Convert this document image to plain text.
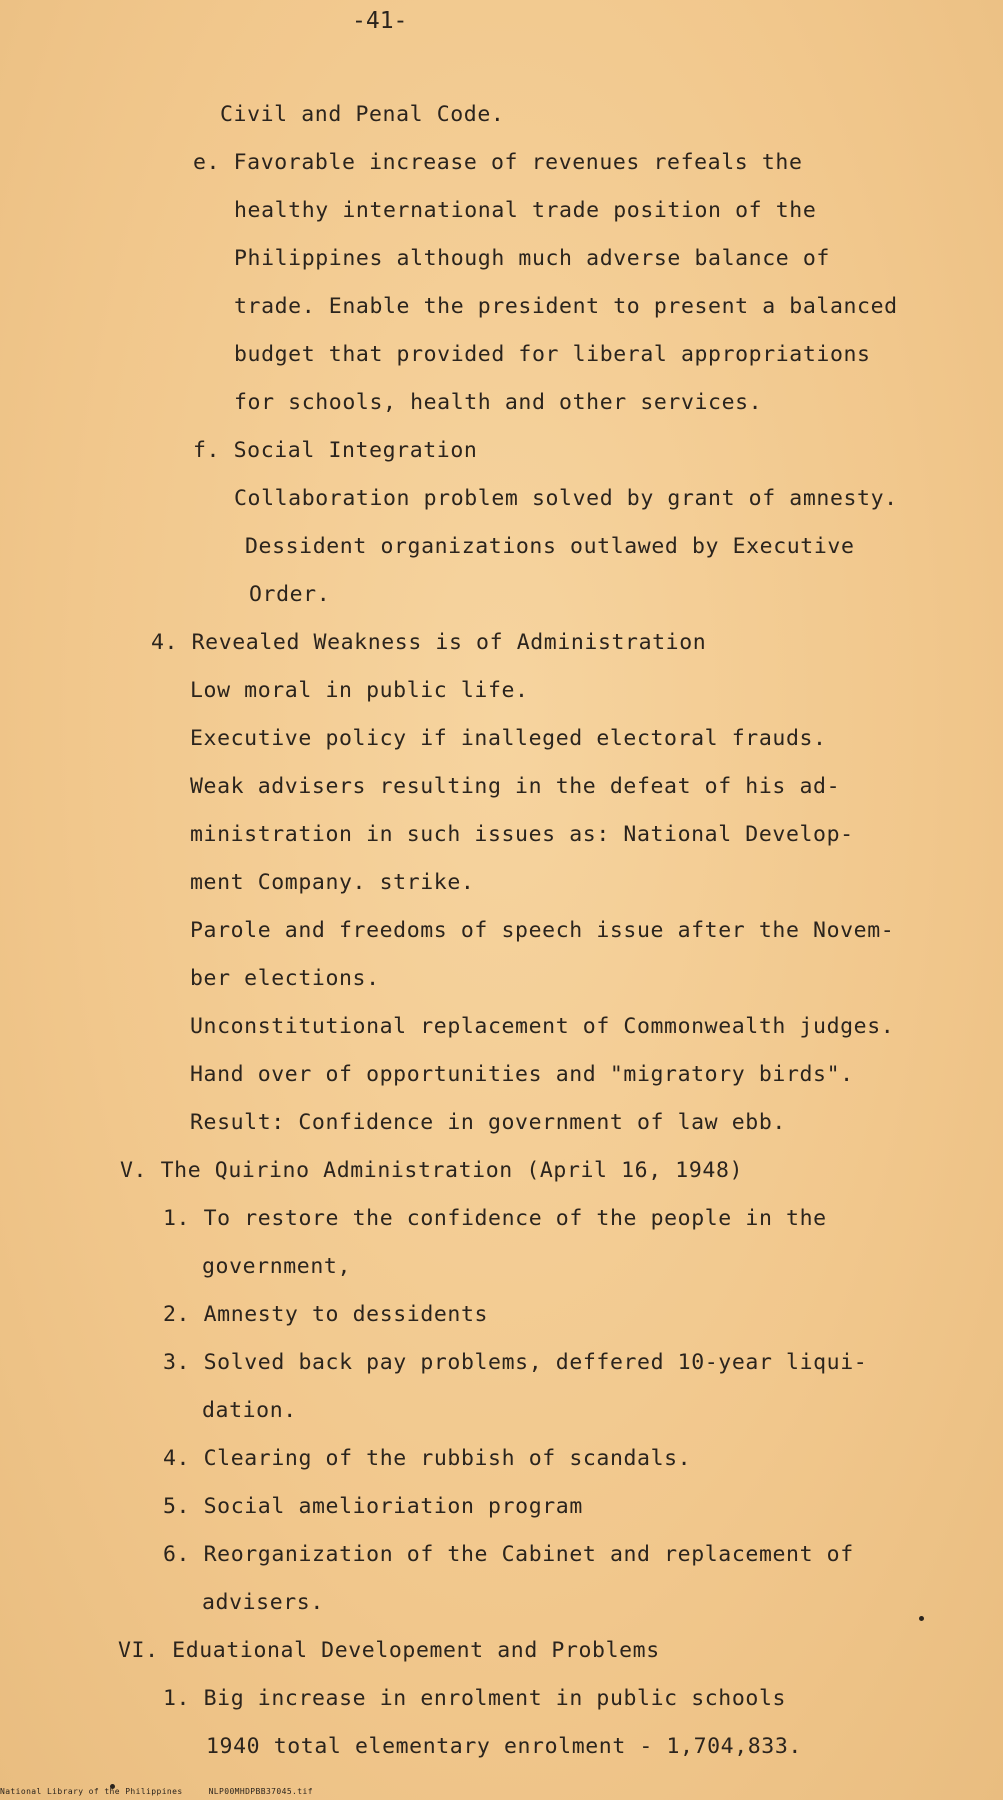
-41-
Civil and Penal Code.
e. Favorable increase of revenues refeals the
healthy international trade position of the
Philippines although much adverse balance of
trade. Enable the president to present a balanced
budget that provided for liberal appropriations
for schools, health and other services.
f. Social Integration
Collaboration problem solved by grant of amnesty.
Dessident organizations outlawed by Executive
Order.
4. Revealed Weakness is of Administration
Low moral in public life.
Executive policy if inalleged electoral frauds.
Weak advisers resulting in the defeat of his ad-
ministration in such issues as: National Develop-
ment Company. strike.
Parole and freedoms of speech issue after the Novem-
ber elections.
Unconstitutional replacement of Commonwealth judges.
Hand over of opportunities and "migratory birds".
Result: Confidence in government of law ebb.
V. The Quirino Administration (April 16, 1948)
1. To restore the confidence of the people in the
government,
2. Amnesty to dessidents
3. Solved back pay problems, deffered 10-year liqui-
dation.
4. Clearing of the rubbish of scandals.
5. Social amelioriation program
6. Reorganization of the Cabinet and replacement of
advisers.
VI. Eduational Developement and Problems
1. Big increase in enrolment in public schools
1940 total elementary enrolment - 1,704,833.
National Library of the Philippines	NLP00MHDPBB37045.tif
